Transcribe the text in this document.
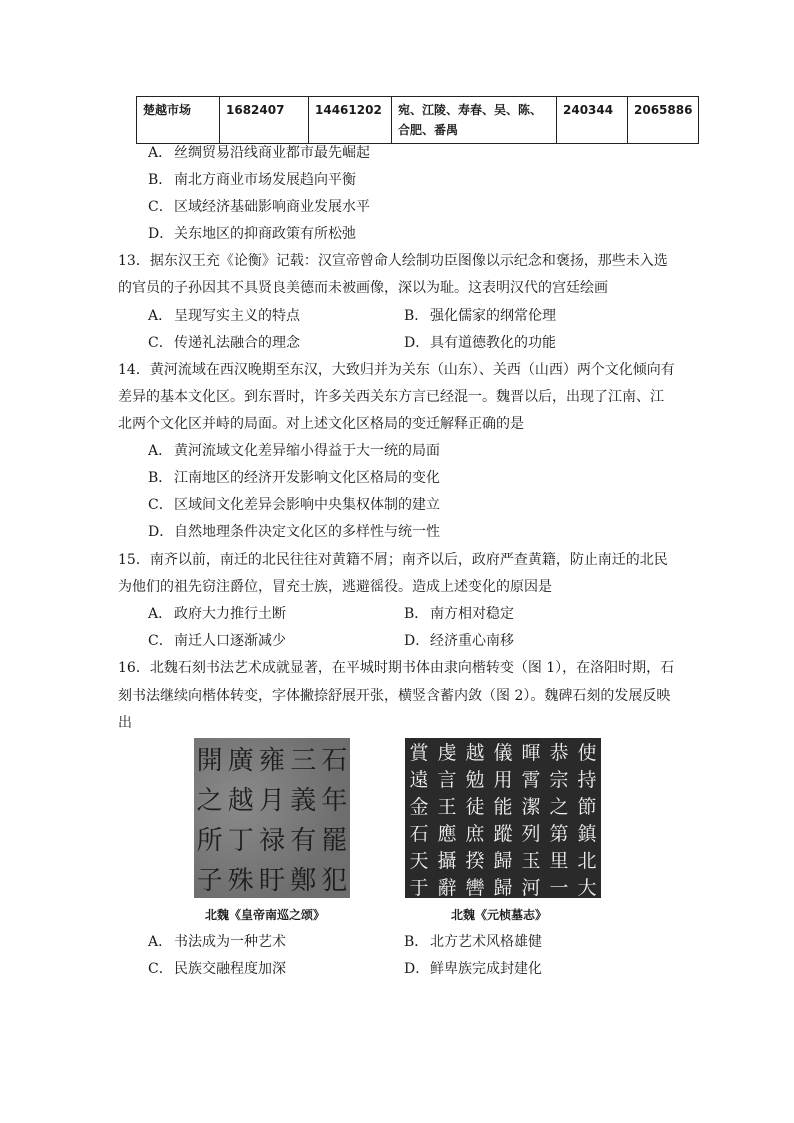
楚越市场	1682407	14461202	宛、江陵、寿春、吴、陈、合肥、番禺	240344	2065886
A． 丝绸贸易沿线商业都市最先崛起
B． 南北方商业市场发展趋向平衡
C．区域经济基础影响商业发展水平
D．关东地区的抑商政策有所松弛
13．据东汉王充《论衡》记载：汉宣帝曾命人绘制功臣图像以示纪念和褒扬，那些未入选
的官员的子孙因其不具贤良美德而未被画像，深以为耻。这表明汉代的宫廷绘画
A． 呈现写实主义的特点	B． 强化儒家的纲常伦理
C．传递礼法融合的理念	D．具有道德教化的功能
14．黄河流域在西汉晚期至东汉，大致归并为关东（山东）、关西（山西）两个文化倾向有
差异的基本文化区。到东晋时，许多关西关东方言已经混一。魏晋以后，出现了江南、江
北两个文化区并峙的局面。对上述文化区格局的变迁解释正确的是
A． 黄河流域文化差异缩小得益于大一统的局面
B． 江南地区的经济开发影响文化区格局的变化
C．区域间文化差异会影响中央集权体制的建立
D．自然地理条件决定文化区的多样性与统一性
15．南齐以前，南迁的北民往往对黄籍不屑；南齐以后，政府严查黄籍，防止南迁的北民
为他们的祖先窃注爵位，冒充士族，逃避徭役。造成上述变化的原因是
A． 政府大力推行土断	B． 南方相对稳定
C．南迁人口逐渐减少	D．经济重心南移
16．北魏石刻书法艺术成就显著，在平城时期书体由隶向楷转变（图 1），在洛阳时期，石
刻书法继续向楷体转变，字体撇捺舒展开张，横竖含蓄内敛（图 2）。魏碑石刻的发展反映
出
開 廣 雍 三 石
之 越 月 義 年
所 丁 禄 有 罷
子 殊 盱 鄭 犯
北魏《皇帝南巡之颂》
賞 虔 越 儀 暉 恭 使
遠 言 勉 用 霄 宗 持
金 王 徒 能 潔 之 節
石 應 庶 蹤 列 第 鎮
天 攝 揆 歸 玉 里 北
于 辭 轡 歸 河 一 大
北魏《元桢墓志》
A． 书法成为一种艺术	B． 北方艺术风格雄健
C．民族交融程度加深	D．鲜卑族完成封建化
